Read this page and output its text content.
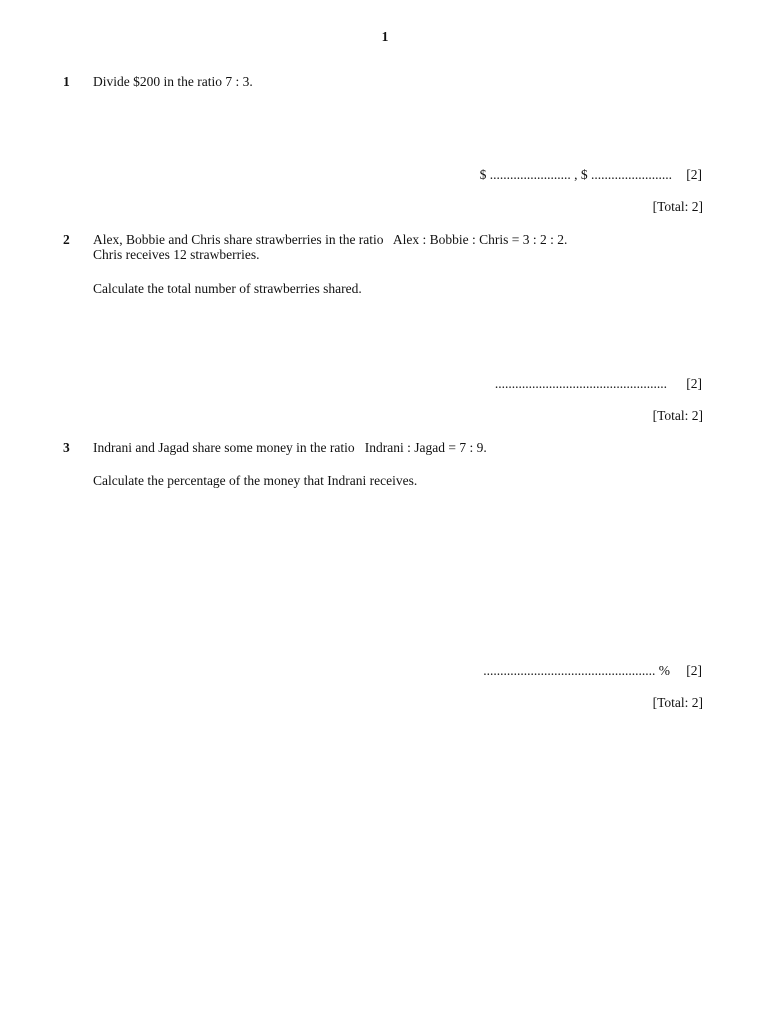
1
1 Divide $200 in the ratio 7 : 3.
$ ........................ , $ ........................ [2]
[Total: 2]
2 Alex, Bobbie and Chris share strawberries in the ratio   Alex : Bobbie : Chris = 3 : 2 : 2.
Chris receives 12 strawberries.
Calculate the total number of strawberries shared.
................................................... [2]
[Total: 2]
3 Indrani and Jagad share some money in the ratio   Indrani : Jagad = 7 : 9.
Calculate the percentage of the money that Indrani receives.
................................................... % [2]
[Total: 2]
